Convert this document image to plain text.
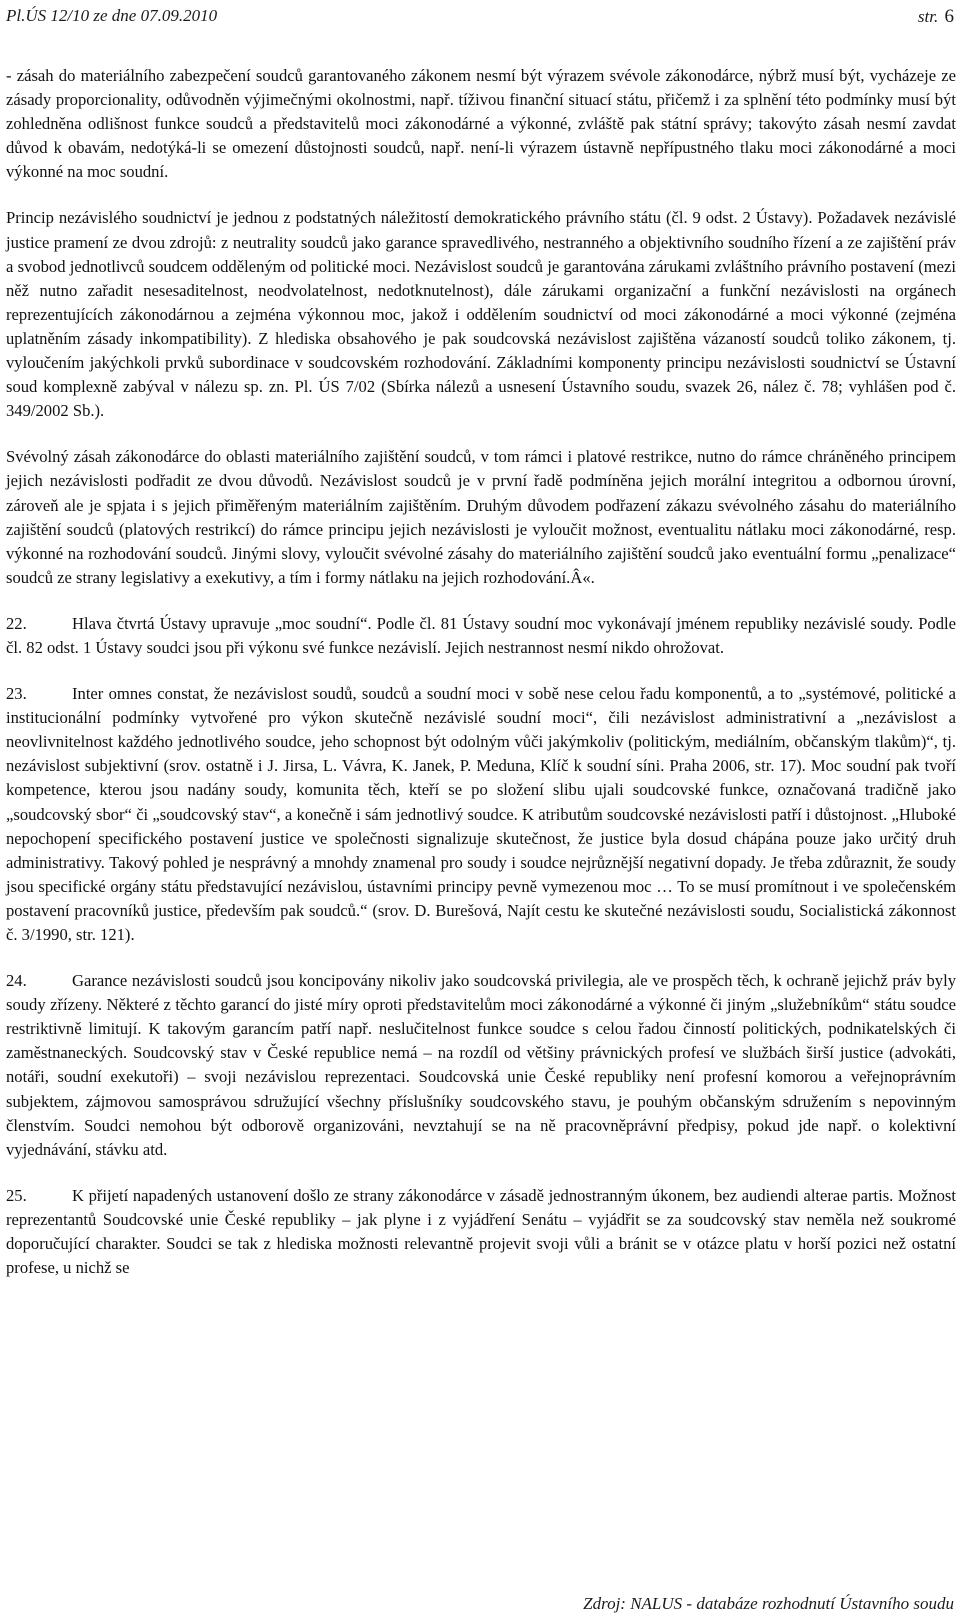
Pl.ÚS 12/10 ze dne 07.09.2010	str. 6

- zásah do materiálního zabezpečení soudců garantovaného zákonem nesmí být výrazem svévole zákonodárce, nýbrž musí být, vycházeje ze zásady proporcionality, odůvodněn výjimečnými okolnostmi, např. tíživou finanční situací státu, přičemž i za splnění této podmínky musí být zohledněna odlišnost funkce soudců a představitelů moci zákonodárné a výkonné, zvláště pak státní správy; takovýto zásah nesmí zavdat důvod k obavám, nedotýká-li se omezení důstojnosti soudců, např. není-li výrazem ústavně nepřípustného tlaku moci zákonodárné a moci výkonné na moc soudní.

Princip nezávislého soudnictví je jednou z podstatných náležitostí demokratického právního státu (čl. 9 odst. 2 Ústavy). Požadavek nezávislé justice pramení ze dvou zdrojů: z neutrality soudců jako garance spravedlivého, nestranného a objektivního soudního řízení a ze zajištění práv a svobod jednotlivců soudcem odděleným od politické moci. Nezávislost soudců je garantována zárukami zvláštního právního postavení (mezi něž nutno zařadit nesesaditelnost, neodvolatelnost, nedotknutelnost), dále zárukami organizační a funkční nezávislosti na orgánech reprezentujících zákonodárnou a zejména výkonnou moc, jakož i oddělením soudnictví od moci zákonodárné a moci výkonné (zejména uplatněním zásady inkompatibility). Z hlediska obsahového je pak soudcovská nezávislost zajištěna vázaností soudců toliko zákonem, tj. vyloučením jakýchkoli prvků subordinace v soudcovském rozhodování. Základními komponenty principu nezávislosti soudnictví se Ústavní soud komplexně zabýval v nálezu sp. zn. Pl. ÚS 7/02 (Sbírka nálezů a usnesení Ústavního soudu, svazek 26, nález č. 78; vyhlášen pod č. 349/2002 Sb.).

Svévolný zásah zákonodárce do oblasti materiálního zajištění soudců, v tom rámci i platové restrikce, nutno do rámce chráněného principem jejich nezávislosti podřadit ze dvou důvodů. Nezávislost soudců je v první řadě podmíněna jejich morální integritou a odbornou úrovní, zároveň ale je spjata i s jejich přiměřeným materiálním zajištěním. Druhým důvodem podřazení zákazu svévolného zásahu do materiálního zajištění soudců (platových restrikcí) do rámce principu jejich nezávislosti je vyloučit možnost, eventualitu nátlaku moci zákonodárné, resp. výkonné na rozhodování soudců. Jinými slovy, vyloučit svévolné zásahy do materiálního zajištění soudců jako eventuální formu „penalizace“ soudců ze strany legislativy a exekutivy, a tím i formy nátlaku na jejich rozhodování.Â«.

22.	Hlava čtvrtá Ústavy upravuje „moc soudní“. Podle čl. 81 Ústavy soudní moc vykonávají jménem republiky nezávislé soudy. Podle čl. 82 odst. 1 Ústavy soudci jsou při výkonu své funkce nezávislí. Jejich nestrannost nesmí nikdo ohrožovat.

23.	Inter omnes constat, že nezávislost soudů, soudců a soudní moci v sobě nese celou řadu komponentů, a to „systémové, politické a institucionální podmínky vytvořené pro výkon skutečně nezávislé soudní moci“, čili nezávislost administrativní a „nezávislost a neovlivnitelnost každého jednotlivého soudce, jeho schopnost být odolným vůči jakýmkoliv (politickým, mediálním, občanským tlakům)“, tj. nezávislost subjektivní (srov. ostatně i J. Jirsa, L. Vávra, K. Janek, P. Meduna, Klíč k soudní síni. Praha 2006, str. 17). Moc soudní pak tvoří kompetence, kterou jsou nadány soudy, komunita těch, kteří se po složení slibu ujali soudcovské funkce, označovaná tradičně jako „soudcovský sbor“ či „soudcovský stav“, a konečně i sám jednotlivý soudce. K atributům soudcovské nezávislosti patří i důstojnost. „Hluboké nepochopení specifického postavení justice ve společnosti signalizuje skutečnost, že justice byla dosud chápána pouze jako určitý druh administrativy. Takový pohled je nesprávný a mnohdy znamenal pro soudy i soudce nejrůznější negativní dopady. Je třeba zdůraznit, že soudy jsou specifické orgány státu představující nezávislou, ústavními principy pevně vymezenou moc … To se musí promítnout i ve společenském postavení pracovníků justice, především pak soudců.“ (srov. D. Burešová, Najít cestu ke skutečné nezávislosti soudu, Socialistická zákonnost č. 3/1990, str. 121).

24.	Garance nezávislosti soudců jsou koncipovány nikoliv jako soudcovská privilegia, ale ve prospěch těch, k ochraně jejichž práv byly soudy zřízeny. Některé z těchto garancí do jisté míry oproti představitelům moci zákonodárné a výkonné či jiným „služebníkům“ státu soudce restriktivně limitují. K takovým garancím patří např. neslučitelnost funkce soudce s celou řadou činností politických, podnikatelských či zaměstnaneckých. Soudcovský stav v České republice nemá – na rozdíl od většiny právnických profesí ve službách širší justice (advokáti, notáři, soudní exekutoři) – svoji nezávislou reprezentaci. Soudcovská unie České republiky není profesní komorou a veřejnoprávním subjektem, zájmovou samosprávou sdružující všechny příslušníky soudcovského stavu, je pouhým občanským sdružením s nepovinným členstvím. Soudci nemohou být odborově organizováni, nevztahují se na ně pracovněprávní předpisy, pokud jde např. o kolektivní vyjednávání, stávku atd.

25.	K přijetí napadených ustanovení došlo ze strany zákonodárce v zásadě jednostranným úkonem, bez audiendi alterae partis. Možnost reprezentantů Soudcovské unie České republiky – jak plyne i z vyjádření Senátu – vyjádřit se za soudcovský stav neměla než soukromé doporučující charakter. Soudci se tak z hlediska možnosti relevantně projevit svoji vůli a bránit se v otázce platu v horší pozici než ostatní profese, u nichž se

Zdroj: NALUS - databáze rozhodnutí Ústavního soudu
